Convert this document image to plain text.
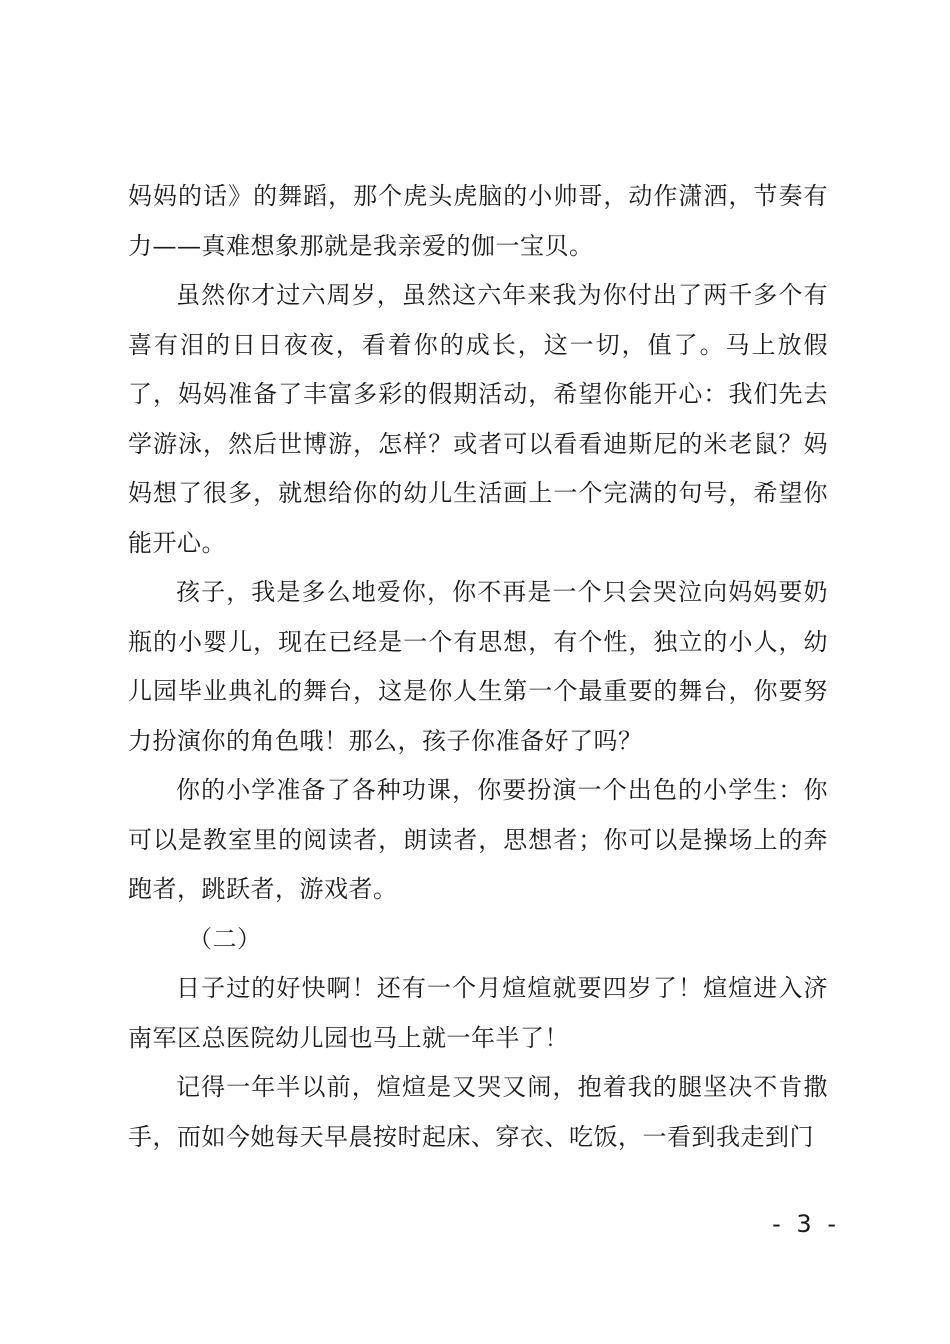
妈妈的话》的舞蹈，那个虎头虎脑的小帅哥，动作潇洒，节奏有力——真难想象那就是我亲爱的伽一宝贝。

虽然你才过六周岁，虽然这六年来我为你付出了两千多个有喜有泪的日日夜夜，看着你的成长，这一切，值了。马上放假了，妈妈准备了丰富多彩的假期活动，希望你能开心：我们先去学游泳，然后世博游，怎样？或者可以看看迪斯尼的米老鼠？妈妈想了很多，就想给你的幼儿生活画上一个完满的句号，希望你能开心。

孩子，我是多么地爱你，你不再是一个只会哭泣向妈妈要奶瓶的小婴儿，现在已经是一个有思想，有个性，独立的小人，幼儿园毕业典礼的舞台，这是你人生第一个最重要的舞台，你要努力扮演你的角色哦！那么，孩子你准备好了吗？

你的小学准备了各种功课，你要扮演一个出色的小学生：你可以是教室里的阅读者，朗读者，思想者；你可以是操场上的奔跑者，跳跃者，游戏者。

（二）

日子过的好快啊！还有一个月煊煊就要四岁了！煊煊进入济南军区总医院幼儿园也马上就一年半了！

记得一年半以前，煊煊是又哭又闹，抱着我的腿坚决不肯撒手，而如今她每天早晨按时起床、穿衣、吃饭，一看到我走到门

- 3 -
